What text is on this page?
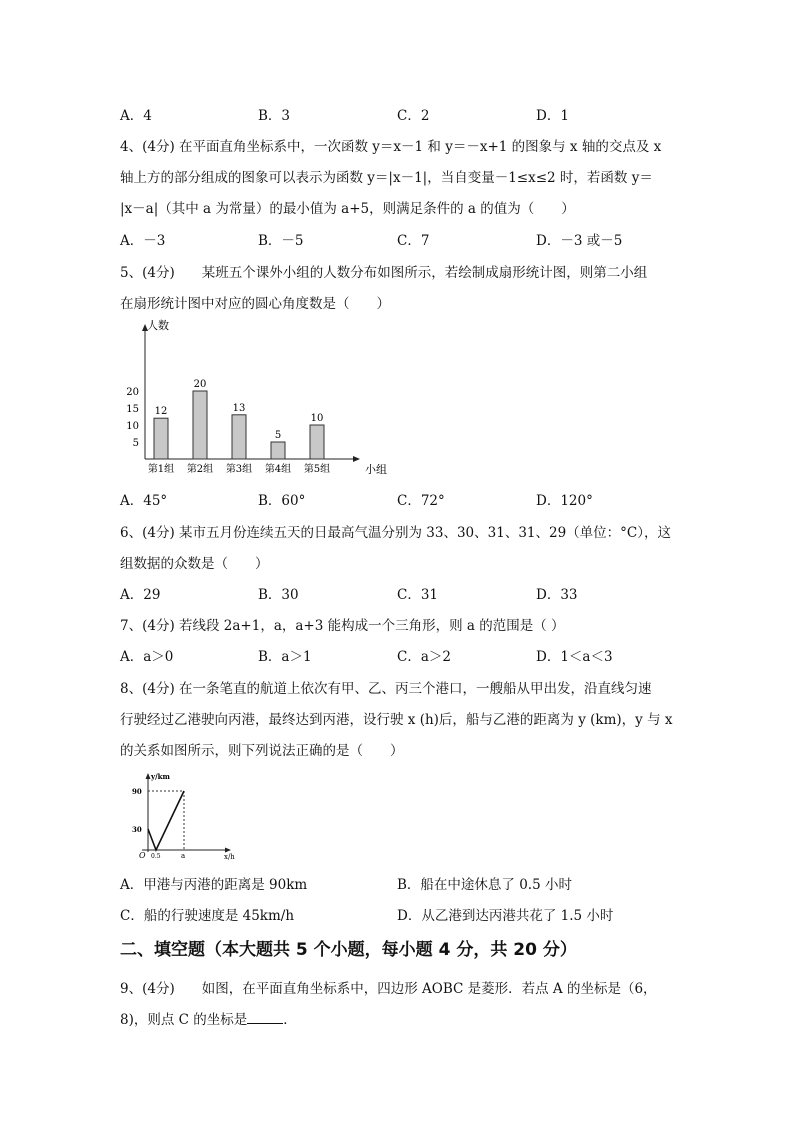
A．4	B．3	C．2	D．1
4、(4分) 在平面直角坐标系中，一次函数 y＝x－1 和 y＝－x+1 的图象与 x 轴的交点及 x
轴上方的部分组成的图象可以表示为函数 y＝|x－1|，当自变量－1≤x≤2 时，若函数 y＝
|x－a|（其中 a 为常量）的最小值为 a+5，则满足条件的 a 的值为（　　）
A．－3	B．－5	C．7	D．－3 或－5
5、(4分)　　某班五个课外小组的人数分布如图所示，若绘制成扇形统计图，则第二小组
在扇形统计图中对应的圆心角度数是（　　）
人数
小组
5
10
15
20
12
第1组
20
第2组
13
第3组
5
第4组
10
第5组
A．45°	B．60°	C．72°	D．120°
6、(4分) 某市五月份连续五天的日最高气温分别为 33、30、31、31、29（单位：°C），这
组数据的众数是（　　）
A．29	B．30	C．31	D．33
7、(4分) 若线段 2a+1，a，a+3 能构成一个三角形，则 a 的范围是（ ）
A．a＞0	B．a＞1	C．a＞2	D．1＜a＜3
8、(4分) 在一条笔直的航道上依次有甲、乙、丙三个港口，一艘船从甲出发，沿直线匀速
行驶经过乙港驶向丙港，最终达到丙港，设行驶 x (h)后，船与乙港的距离为 y (km)，y 与 x
的关系如图所示，则下列说法正确的是（　　）
y/km
x/h
90
30
O 0.5	a
A．甲港与丙港的距离是 90km	B．船在中途休息了 0.5 小时
C．船的行驶速度是 45km/h	D．从乙港到达丙港共花了 1.5 小时
二、填空题（本大题共 5 个小题，每小题 4 分，共 20 分）
9、(4分)　　如图，在平面直角坐标系中，四边形 AOBC 是菱形．若点 A 的坐标是（6，
8)，则点 C 的坐标是	．
